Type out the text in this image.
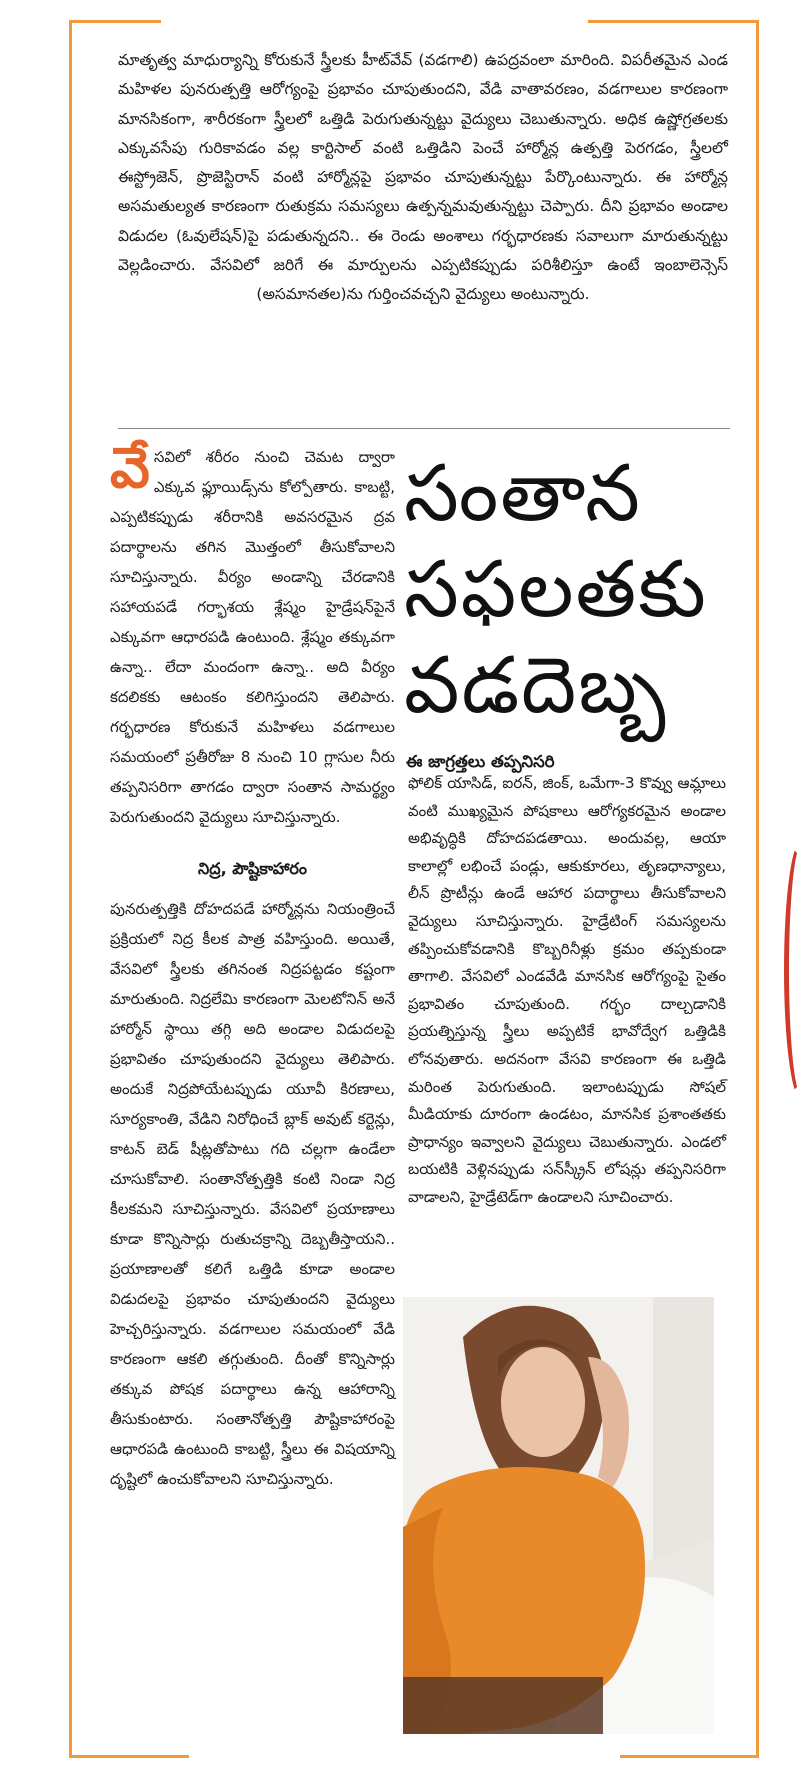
మాతృత్వ మాధుర్యాన్ని కోరుకునే స్త్రీలకు హీట్‌వేవ్ (వడగాలి) ఉపద్రవంలా మారింది. విపరీతమైన ఎండ మహిళల పునరుత్పత్తి ఆరోగ్యంపై ప్రభావం చూపుతుందని, వేడి వాతావరణం, వడగాలుల కారణంగా మానసికంగా, శారీరకంగా స్త్రీలలో ఒత్తిడి పెరుగుతున్నట్టు వైద్యులు చెబుతున్నారు. అధిక ఉష్ణోగ్రతలకు ఎక్కువసేపు గురికావడం వల్ల కార్టిసాల్ వంటి ఒత్తిడిని పెంచే హార్మోన్ల ఉత్పత్తి పెరగడం, స్త్రీలలో ఈస్ట్రోజెన్, ప్రొజెస్టిరాన్ వంటి హార్మోన్లపై ప్రభావం చూపుతున్నట్టు పేర్కొంటున్నారు. ఈ హార్మోన్ల అసమతుల్యత కారణంగా రుతుక్రమ సమస్యలు ఉత్పన్నమవుతున్నట్టు చెప్పారు. దీని ప్రభావం అండాల విడుదల (ఓవులేషన్)పై పడుతున్నదని.. ఈ రెండు అంశాలు గర్భధారణకు సవాలుగా మారుతున్నట్టు వెల్లడించారు. వేసవిలో జరిగే ఈ మార్పులను ఎప్పటికప్పుడు పరిశీలిస్తూ ఉంటే ఇంబాలెన్సెస్ (అసమానతల)ను గుర్తించవచ్చని వైద్యులు అంటున్నారు.
వే సవిలో శరీరం నుంచి చెమట ద్వారా ఎక్కువ ఫ్లూయిడ్స్‌ను కోల్పోతారు. కాబట్టి, ఎప్పటికప్పుడు శరీరానికి అవసరమైన ద్రవ పదార్థాలను తగిన మొత్తంలో తీసుకోవాలని సూచిస్తున్నారు. వీర్యం అండాన్ని చేరడానికి సహాయపడే గర్భాశయ శ్లేష్మం హైడ్రేషన్‌పైనే ఎక్కువగా ఆధారపడి ఉంటుంది. శ్లేష్మం తక్కువగా ఉన్నా.. లేదా మందంగా ఉన్నా.. అది వీర్యం కదలికకు ఆటంకం కలిగిస్తుందని తెలిపారు. గర్భధారణ కోరుకునే మహిళలు వడగాలుల సమయంలో ప్రతీరోజు 8 నుంచి 10 గ్లాసుల నీరు తప్పనిసరిగా తాగడం ద్వారా సంతాన సామర్థ్యం పెరుగుతుందని వైద్యులు సూచిస్తున్నారు.
నిద్ర, పౌష్టికాహారం
పునరుత్పత్తికి దోహదపడే హార్మోన్లను నియంత్రించే ప్రక్రియలో నిద్ర కీలక పాత్ర వహిస్తుంది. అయితే, వేసవిలో స్త్రీలకు తగినంత నిద్రపట్టడం కష్టంగా మారుతుంది. నిద్రలేమి కారణంగా మెలటోనిన్ అనే హార్మోన్ స్థాయి తగ్గి అది అండాల విడుదలపై ప్రభావితం చూపుతుందని వైద్యులు తెలిపారు. అందుకే నిద్రపోయేటప్పుడు యూవీ కిరణాలు, సూర్యకాంతి, వేడిని నిరోధించే బ్లాక్ అవుట్ కర్టెన్లు, కాటన్ బెడ్ షీట్లతోపాటు గది చల్లగా ఉండేలా చూసుకోవాలి. సంతానోత్పత్తికి కంటి నిండా నిద్ర కీలకమని సూచిస్తున్నారు. వేసవిలో ప్రయాణాలు కూడా కొన్నిసార్లు రుతుచక్రాన్ని దెబ్బతీస్తాయని.. ప్రయాణాలతో కలిగే ఒత్తిడి కూడా అండాల విడుదలపై ప్రభావం చూపుతుందని వైద్యులు హెచ్చరిస్తున్నారు. వడగాలుల సమయంలో వేడి కారణంగా ఆకలి తగ్గుతుంది. దీంతో కొన్నిసార్లు తక్కువ పోషక పదార్థాలు ఉన్న ఆహారాన్ని తీసుకుంటారు. సంతానోత్పత్తి పౌష్టికాహారంపై ఆధారపడి ఉంటుంది కాబట్టి, స్త్రీలు ఈ విషయాన్ని దృష్టిలో ఉంచుకోవాలని సూచిస్తున్నారు.
సంతాన
సఫలతకు
వడదెబ్బ
ఈ జాగ్రత్తలు తప్పనిసరి
ఫోలిక్ యాసిడ్, ఐరన్, జింక్, ఒమేగా-3 కొవ్వు ఆమ్లాలు వంటి ముఖ్యమైన పోషకాలు ఆరోగ్యకరమైన అండాల అభివృద్ధికి దోహదపడతాయి. అందువల్ల, ఆయా కాలాల్లో లభించే పండ్లు, ఆకుకూరలు, తృణధాన్యాలు, లీన్ ప్రొటీన్లు ఉండే ఆహార పదార్థాలు తీసుకోవాలని వైద్యులు సూచిస్తున్నారు. హైడ్రేటింగ్ సమస్యలను తప్పించుకోవడానికి కొబ్బరినీళ్లు క్రమం తప్పకుండా తాగాలి. వేసవిలో ఎండవేడి మానసిక ఆరోగ్యంపై సైతం ప్రభావితం చూపుతుంది. గర్భం దాల్చడానికి ప్రయత్నిస్తున్న స్త్రీలు అప్పటికే భావోద్వేగ ఒత్తిడికి లోనవుతారు. అదనంగా వేసవి కారణంగా ఈ ఒత్తిడి మరింత పెరుగుతుంది. ఇలాంటప్పుడు సోషల్ మీడియాకు దూరంగా ఉండటం, మానసిక ప్రశాంతతకు ప్రాధాన్యం ఇవ్వాలని వైద్యులు చెబుతున్నారు. ఎండలో బయటికి వెళ్లినప్పుడు సన్‌స్క్రీన్ లోషన్లు తప్పనిసరిగా వాడాలని, హైడ్రేటెడ్‌గా ఉండాలని సూచించారు.
